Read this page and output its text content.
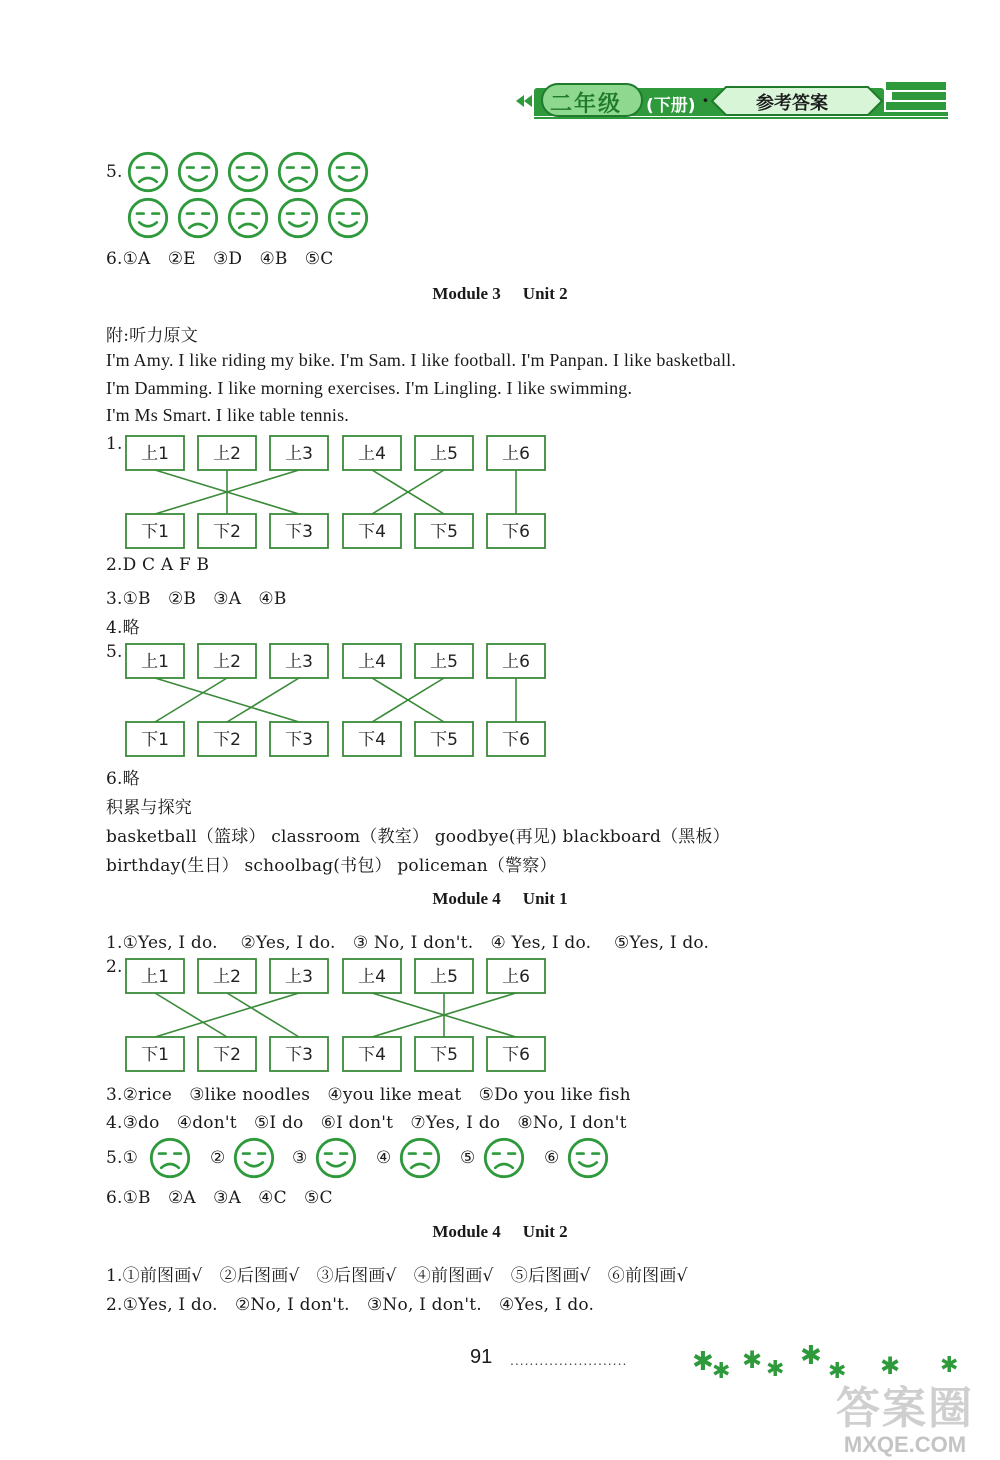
二年级 (下册) ·	参考答案
5.
6.①A　②E　③D　④B　⑤C
Module 3 Unit 2
附:听力原文
I'm Amy. I like riding my bike. I'm Sam. I like football. I'm Panpan. I like basketball.
I'm Damming. I like morning exercises. I'm Lingling. I like swimming.
I'm Ms Smart. I like table tennis.
1. 上1	上2	上3	上4	上5	上6
下1	下2	下3	下4	下5	下6
2.D C A F B
3.①B　②B　③A　④B
4.略
5. 上1	上2	上3	上4	上5	上6
下1	下2	下3	下4	下5	下6
6.略
积累与探究
basketball（篮球） classroom（教室） goodbye(再见) blackboard（黑板）
birthday(生日） schoolbag(书包） policeman（警察）
Module 4 Unit 1
1.①Yes, I do.　 ②Yes, I do.　③ No, I don't.　④ Yes, I do.　 ⑤Yes, I do.
2. 上1	上2	上3	上4	上5	上6
下1	下2	下3	下4	下5	下6
3.②rice　③like noodles　④you like meat　⑤Do you like fish
4.③do　④don't　⑤I do　⑥I don't　⑦Yes, I do　⑧No, I don't
5.①	②	③	④	⑤	⑥
6.①B　②A　③A　④C　⑤C
Module 4 Unit 2
1.①前图画√　②后图画√　③后图画√　④前图画√　⑤后图画√　⑥前图画√
2.①Yes, I do.　②No, I don't.　③No, I don't.　④Yes, I do.
91 ........................ ✱
✱ ✱ ✱ ✱
✱ ✱ ✱
答案圈
MXQE.COM
